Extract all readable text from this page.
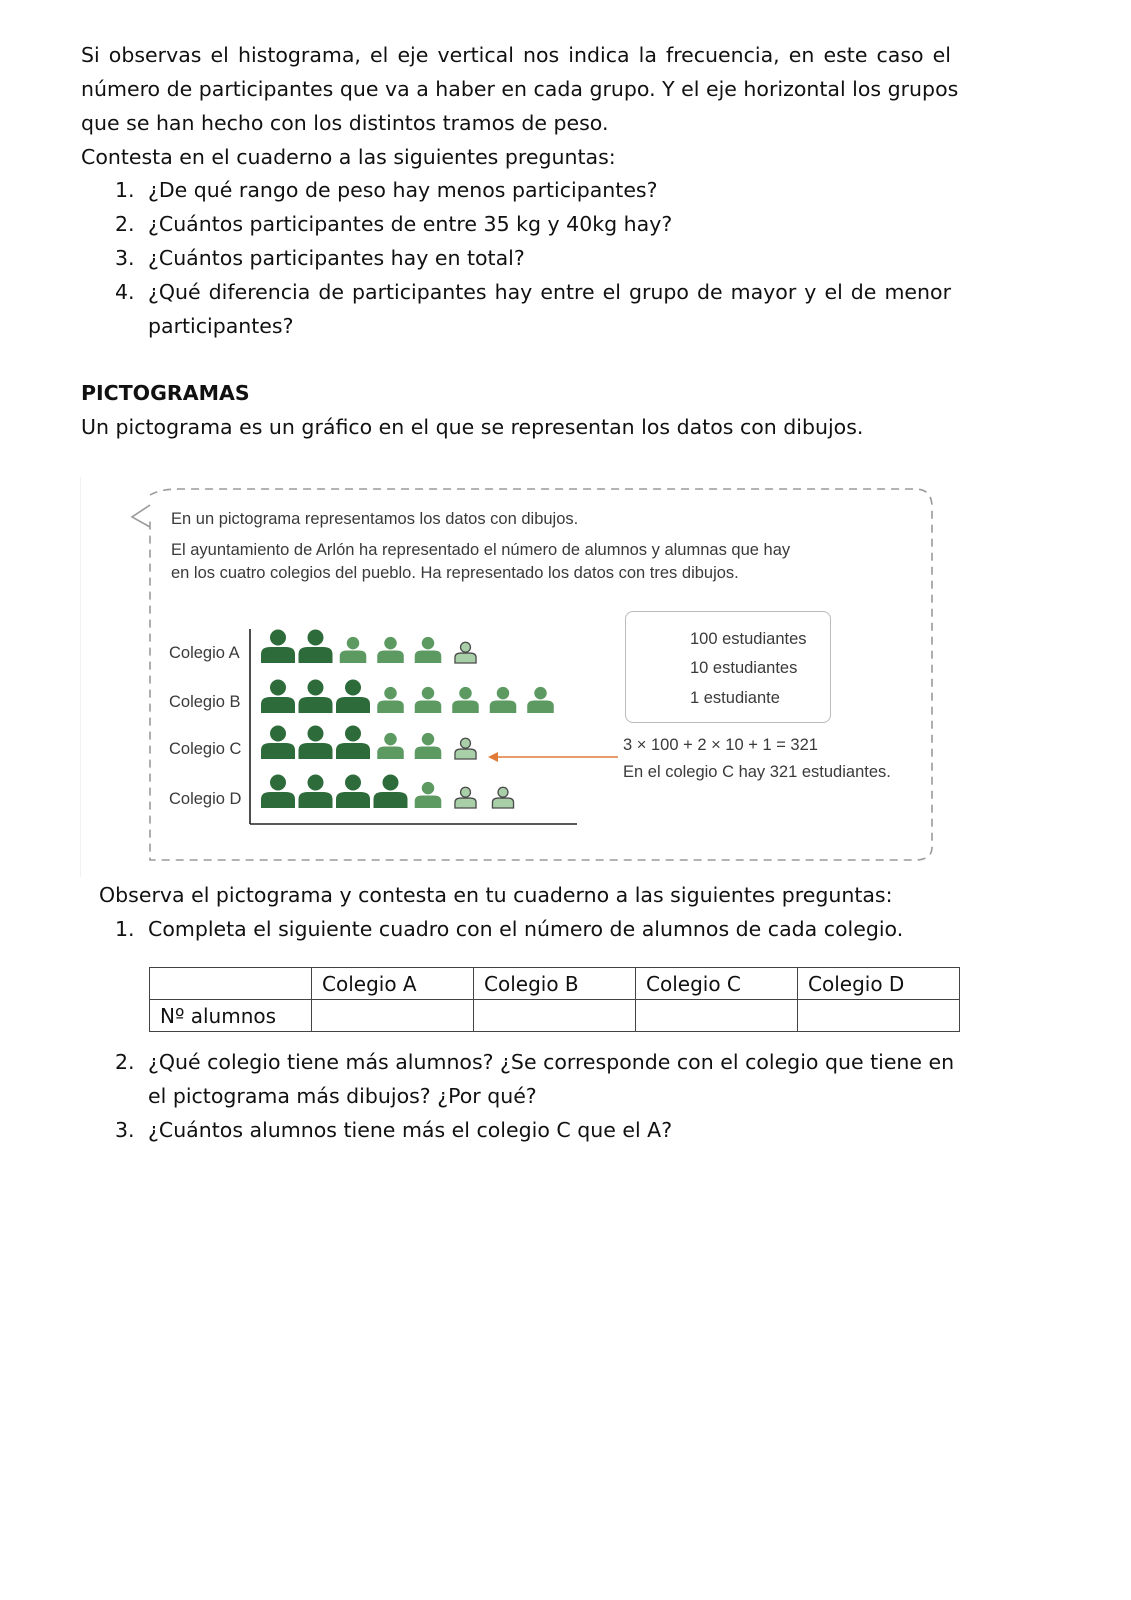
Si observas el histograma, el eje vertical nos indica la frecuencia, en este caso el
número de participantes que va a haber en cada grupo. Y el eje horizontal los grupos
que se han hecho con los distintos tramos de peso.
Contesta en el cuaderno a las siguientes preguntas:
1. ¿De qué rango de peso hay menos participantes?
2. ¿Cuántos participantes de entre 35 kg y 40kg hay?
3. ¿Cuántos participantes hay en total?
4. ¿Qué diferencia de participantes hay entre el grupo de mayor y el de menor
participantes?
PICTOGRAMAS
Un pictograma es un gráfico en el que se representan los datos con dibujos.
En un pictograma representamos los datos con dibujos.
El ayuntamiento de Arlón ha representado el número de alumnos y alumnas que hay
en los cuatro colegios del pueblo. Ha representado los datos con tres dibujos.
Colegio A
Colegio B
Colegio C
Colegio D
100 estudiantes
10 estudiantes
1 estudiante
3 × 100 + 2 × 10 + 1 = 321
En el colegio C hay 321 estudiantes.
Observa el pictograma y contesta en tu cuaderno a las siguientes preguntas:
1. Completa el siguiente cuadro con el número de alumnos de cada colegio.
	Colegio A	Colegio B	Colegio C	Colegio D
Nº alumnos				
2. ¿Qué colegio tiene más alumnos? ¿Se corresponde con el colegio que tiene en
el pictograma más dibujos? ¿Por qué?
3. ¿Cuántos alumnos tiene más el colegio C que el A?
